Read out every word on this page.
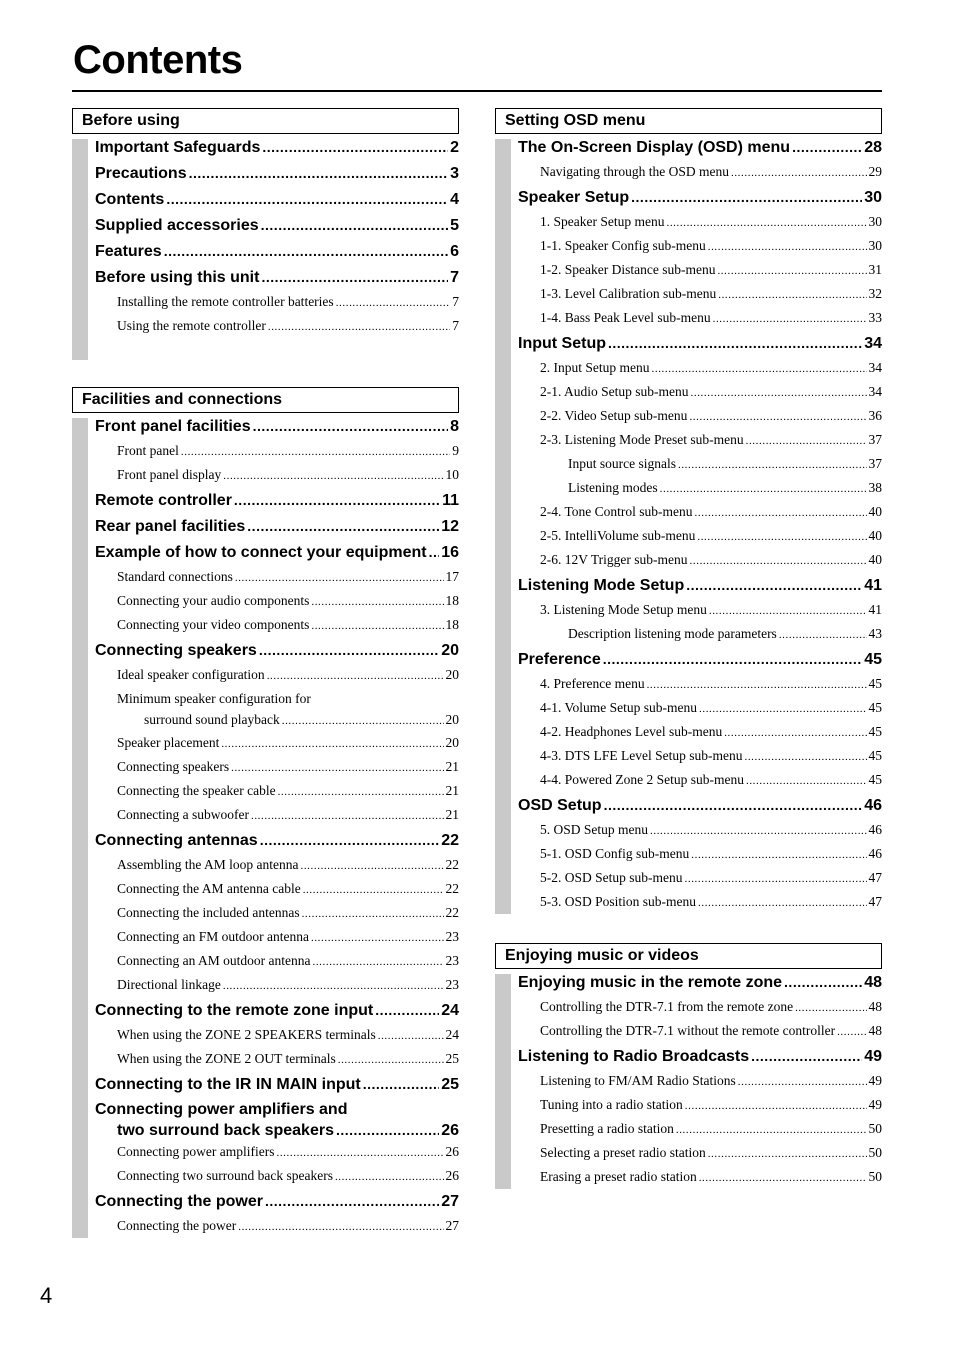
Contents
Before using
Important Safeguards .....	2
Precautions .....	3
Contents .....	4
Supplied accessories .....	5
Features .....	6
Before using this unit .....	7
Installing the remote controller batteries .....	7
Using the remote controller .....	7
Facilities and connections
Front panel facilities .....	8
Front panel .....	9
Front panel display .....	10
Remote controller .....	11
Rear panel facilities .....	12
Example of how to connect your equipment ..... 16
Standard connections .....	17
Connecting your audio components .....	18
Connecting your video components .....	18
Connecting speakers .....	20
Ideal speaker configuration .....	20
Minimum speaker configuration for
surround sound playback .....	20
Speaker placement .....	20
Connecting speakers .....	21
Connecting the speaker cable .....	21
Connecting a subwoofer .....	21
Connecting antennas .....	22
Assembling the AM loop antenna .....	22
Connecting the AM antenna cable .....	22
Connecting the included antennas .....	22
Connecting an FM outdoor antenna .....	23
Connecting an AM outdoor antenna .....	23
Directional linkage .....	23
Connecting to the remote zone input .....	24
When using the ZONE 2 SPEAKERS terminals .....	24
When using the ZONE 2 OUT terminals .....	25
Connecting to the IR IN MAIN input .....	25
Connecting power amplifiers and
two surround back speakers .....	26
Connecting power amplifiers .....	26
Connecting two surround back speakers .....	26
Connecting the power .....	27
Connecting the power .....	27
Setting OSD menu
The On-Screen Display (OSD) menu .....	28
Navigating through the OSD menu .....	29
Speaker Setup .....	30
1. Speaker Setup menu .....	30
1-1. Speaker Config sub-menu .....	30
1-2. Speaker Distance sub-menu .....	31
1-3. Level Calibration sub-menu .....	32
1-4. Bass Peak Level sub-menu .....	33
Input Setup .....	34
2. Input Setup menu .....	34
2-1. Audio Setup sub-menu .....	34
2-2. Video Setup sub-menu .....	36
2-3. Listening Mode Preset sub-menu .....	37
Input source signals .....	37
Listening modes .....	38
2-4. Tone Control sub-menu .....	40
2-5. IntelliVolume sub-menu .....	40
2-6. 12V Trigger sub-menu .....	40
Listening Mode Setup .....	41
3. Listening Mode Setup menu .....	41
Description listening mode parameters .....	43
Preference .....	45
4. Preference menu .....	45
4-1. Volume Setup sub-menu .....	45
4-2. Headphones Level sub-menu .....	45
4-3. DTS LFE Level Setup sub-menu .....	45
4-4. Powered Zone 2 Setup sub-menu .....	45
OSD Setup .....	46
5. OSD Setup menu .....	46
5-1. OSD Config sub-menu .....	46
5-2. OSD Setup sub-menu .....	47
5-3. OSD Position sub-menu .....	47
Enjoying music or videos
Enjoying music in the remote zone .....	48
Controlling the DTR-7.1 from the remote zone .....	48
Controlling the DTR-7.1 without the remote controller ..... 48
Listening to Radio Broadcasts .....	49
Listening to FM/AM Radio Stations .....	49
Tuning into a radio station .....	49
Presetting a radio station .....	50
Selecting a preset radio station .....	50
Erasing a preset radio station .....	50
4
